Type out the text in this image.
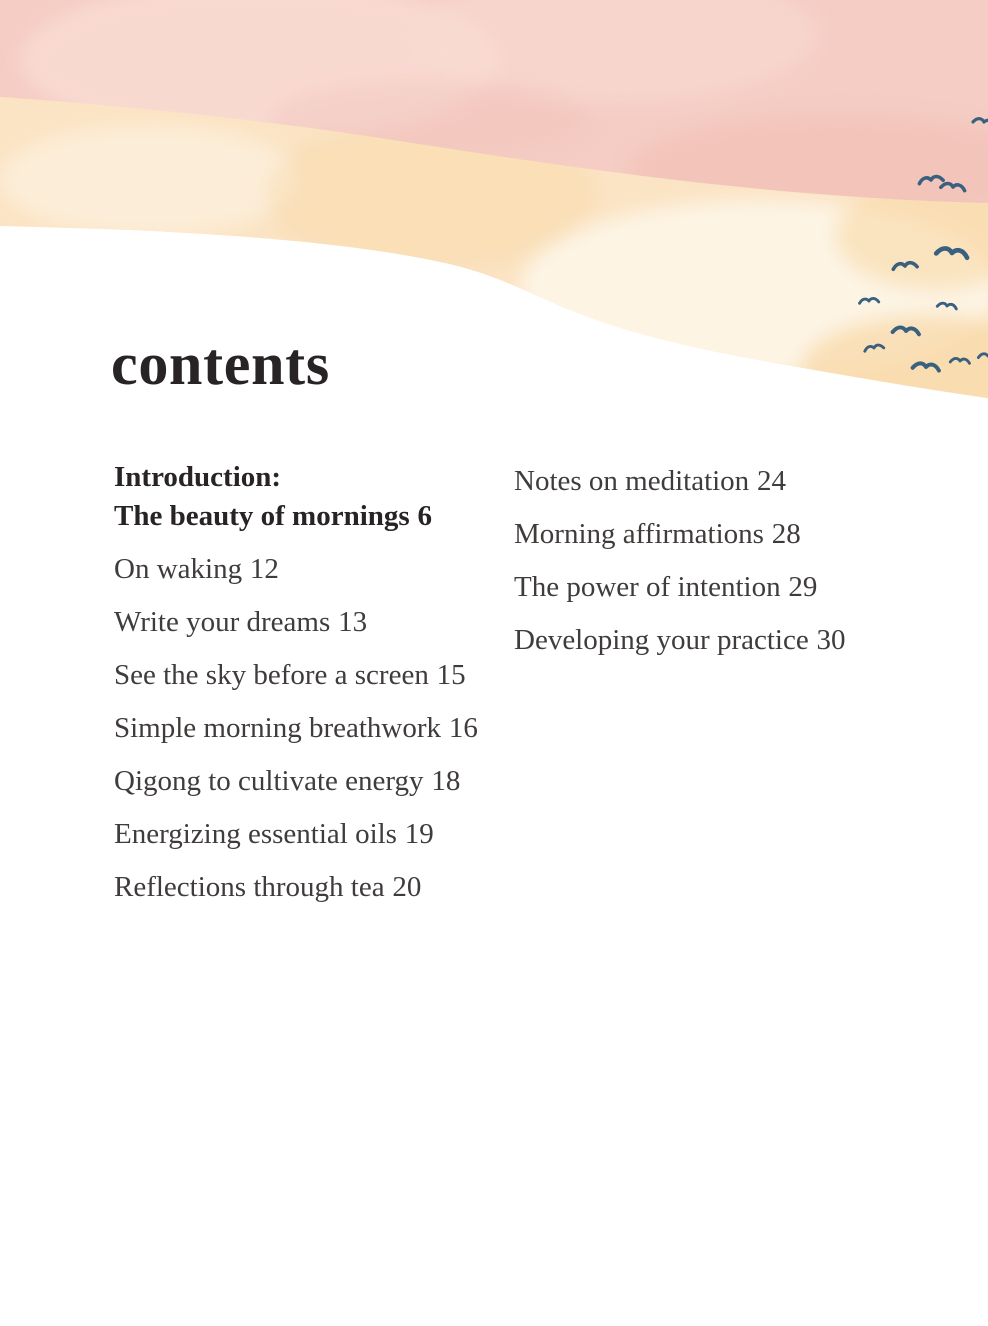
contents
Introduction:
The beauty of mornings 6
On waking 12
Write your dreams 13
See the sky before a screen 15
Simple morning breathwork 16
Qigong to cultivate energy 18
Energizing essential oils 19
Reflections through tea 20
Notes on meditation 24
Morning affirmations 28
The power of intention 29
Developing your practice 30
